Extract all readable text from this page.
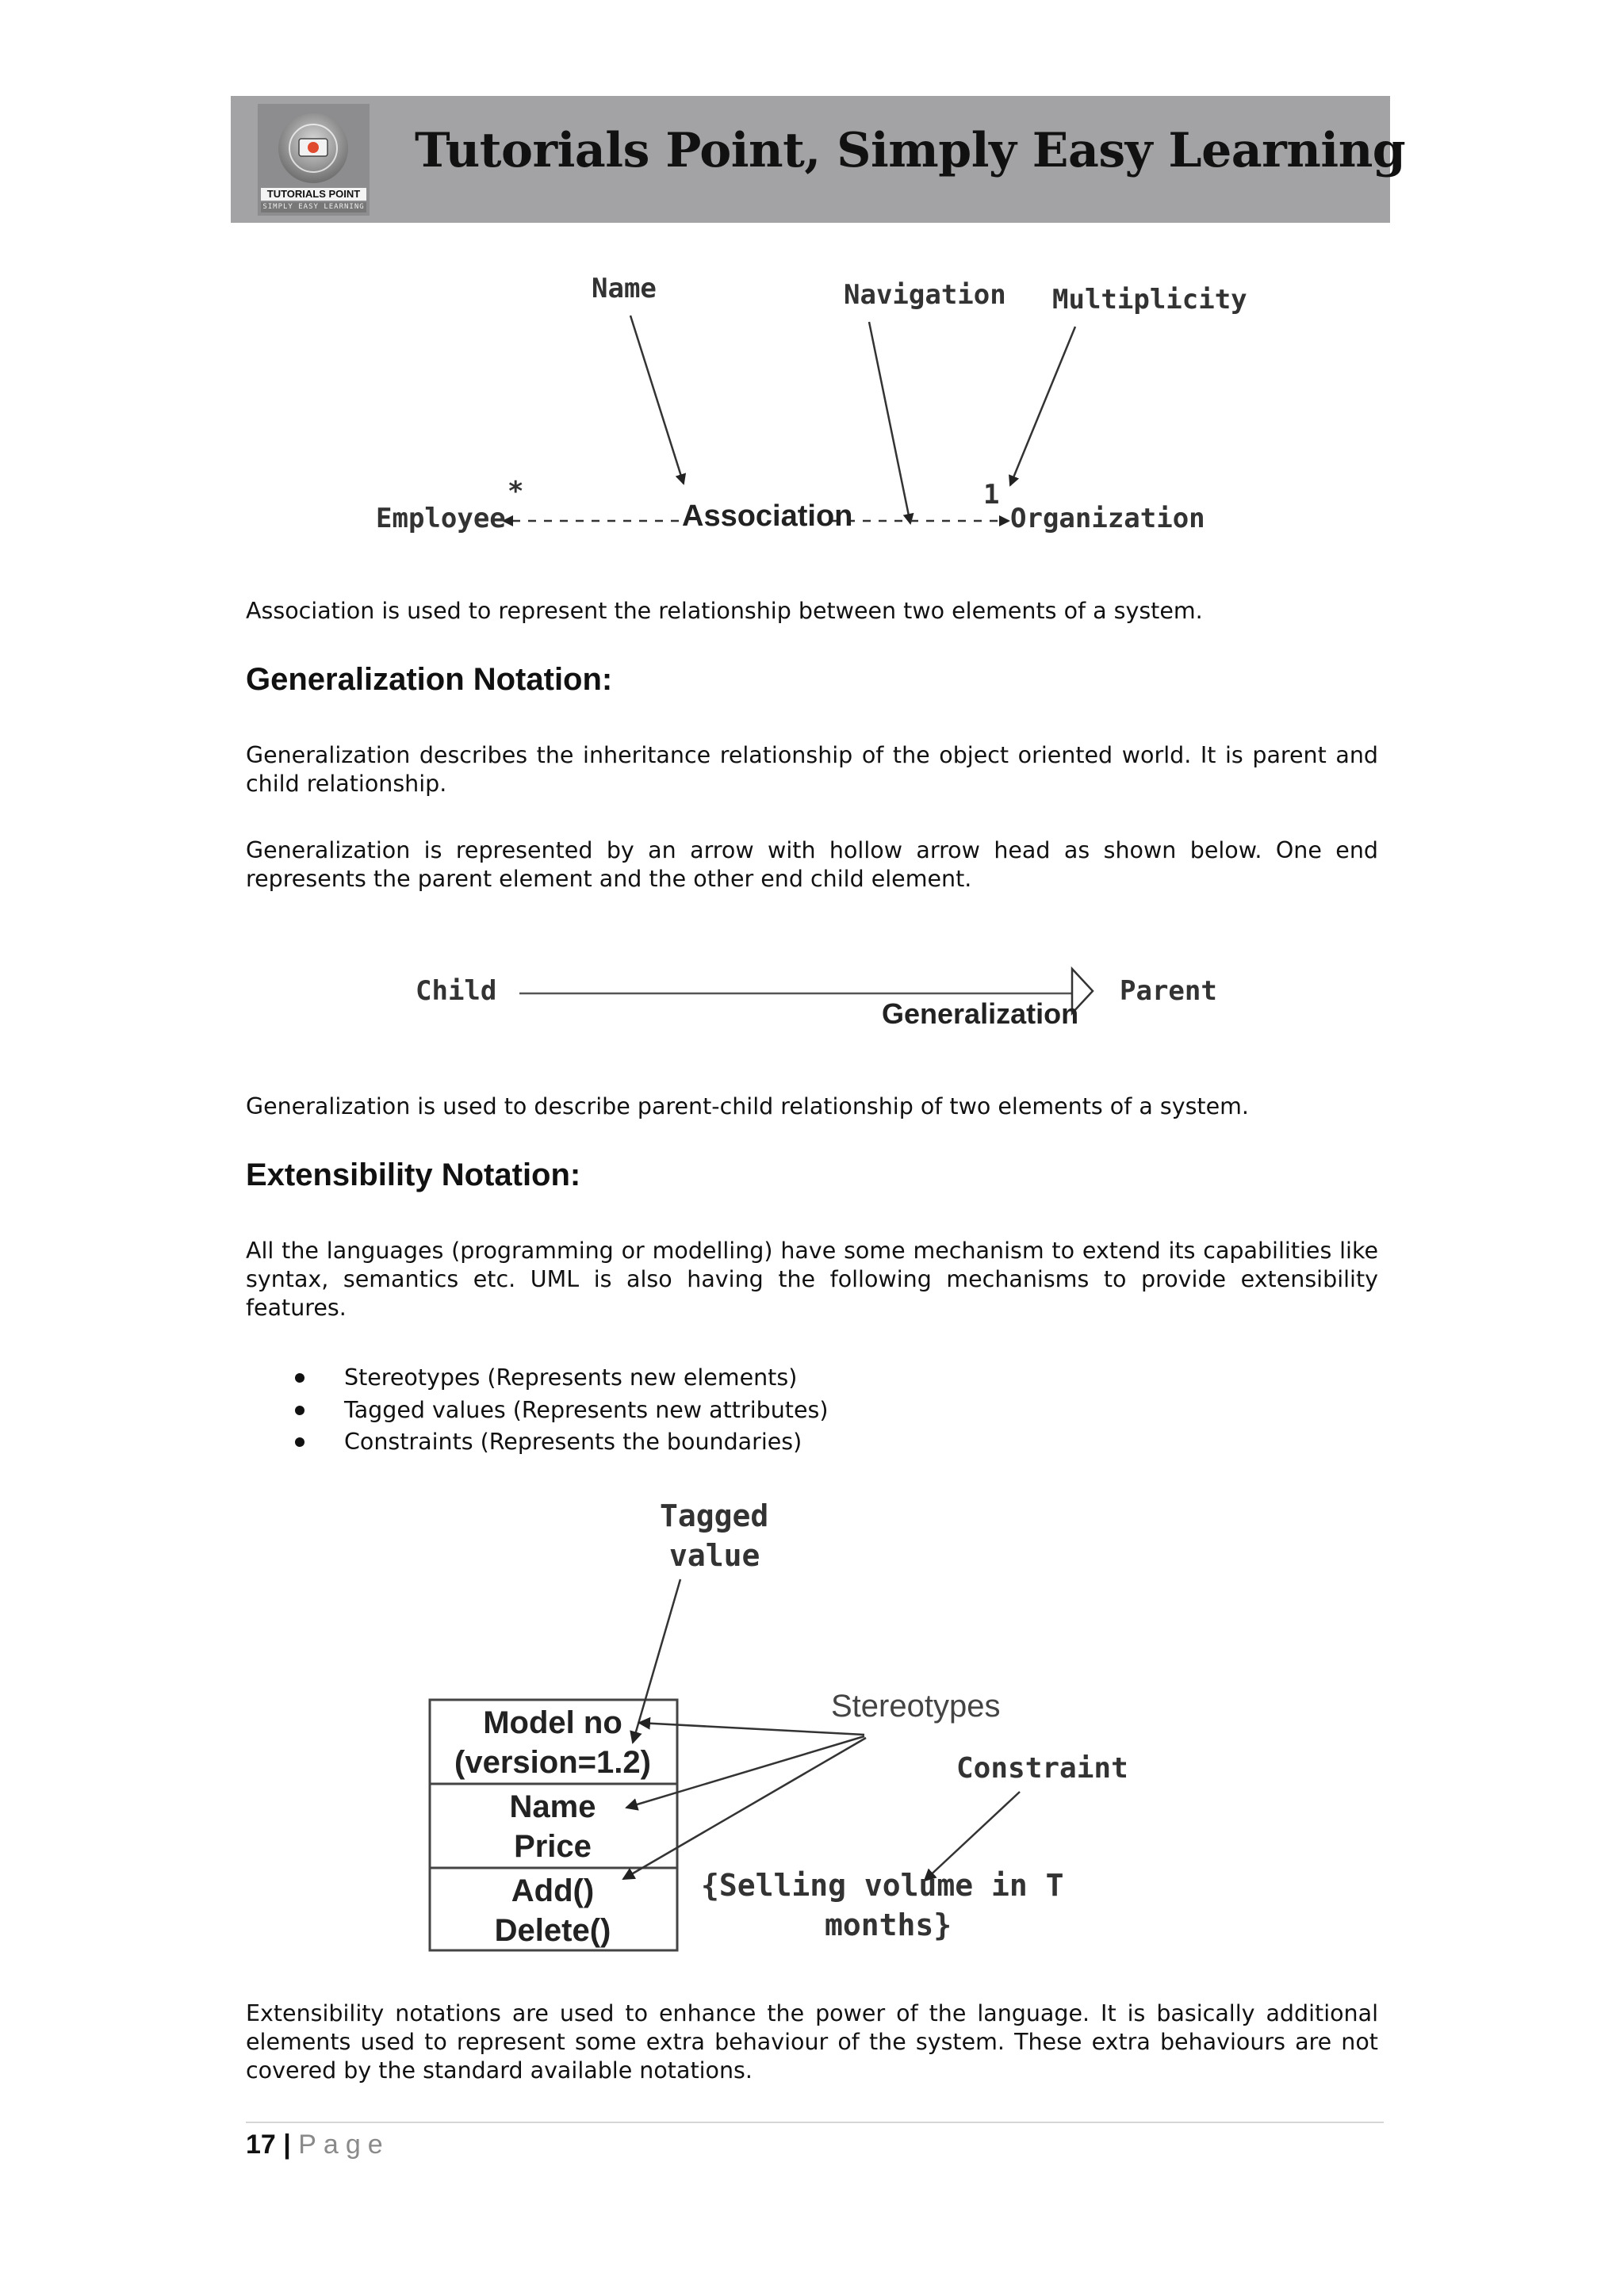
TUTORIALS POINT
SIMPLY EASY LEARNING
Tutorials Point, Simply Easy Learning
Name	Navigation Multiplicity
*	1
Employee	Association	Organization
Association is used to represent the relationship between two elements of a system.
Generalization Notation:
Generalization describes the inheritance relationship of the object oriented world. It is parent and child relationship.
Generalization is represented by an arrow with hollow arrow head as shown below. One end represents the parent element and the other end child element.
Child	Parent
Generalization
Generalization is used to describe parent-child relationship of two elements of a system.
Extensibility Notation:
All the languages (programming or modelling) have some mechanism to extend its capabilities like syntax, semantics etc. UML is also having the following mechanisms to provide extensibility features.
Stereotypes (Represents new elements)
Tagged values (Represents new attributes)
Constraints (Represents the boundaries)
Tagged
value
Stereotypes
Constraint
Model no
(version=1.2)
Name
Price
Add()
Delete()
{Selling volume in T
months}
Extensibility notations are used to enhance the power of the language. It is basically additional elements used to represent some extra behaviour of the system. These extra behaviours are not covered by the standard available notations.
17 | Page
